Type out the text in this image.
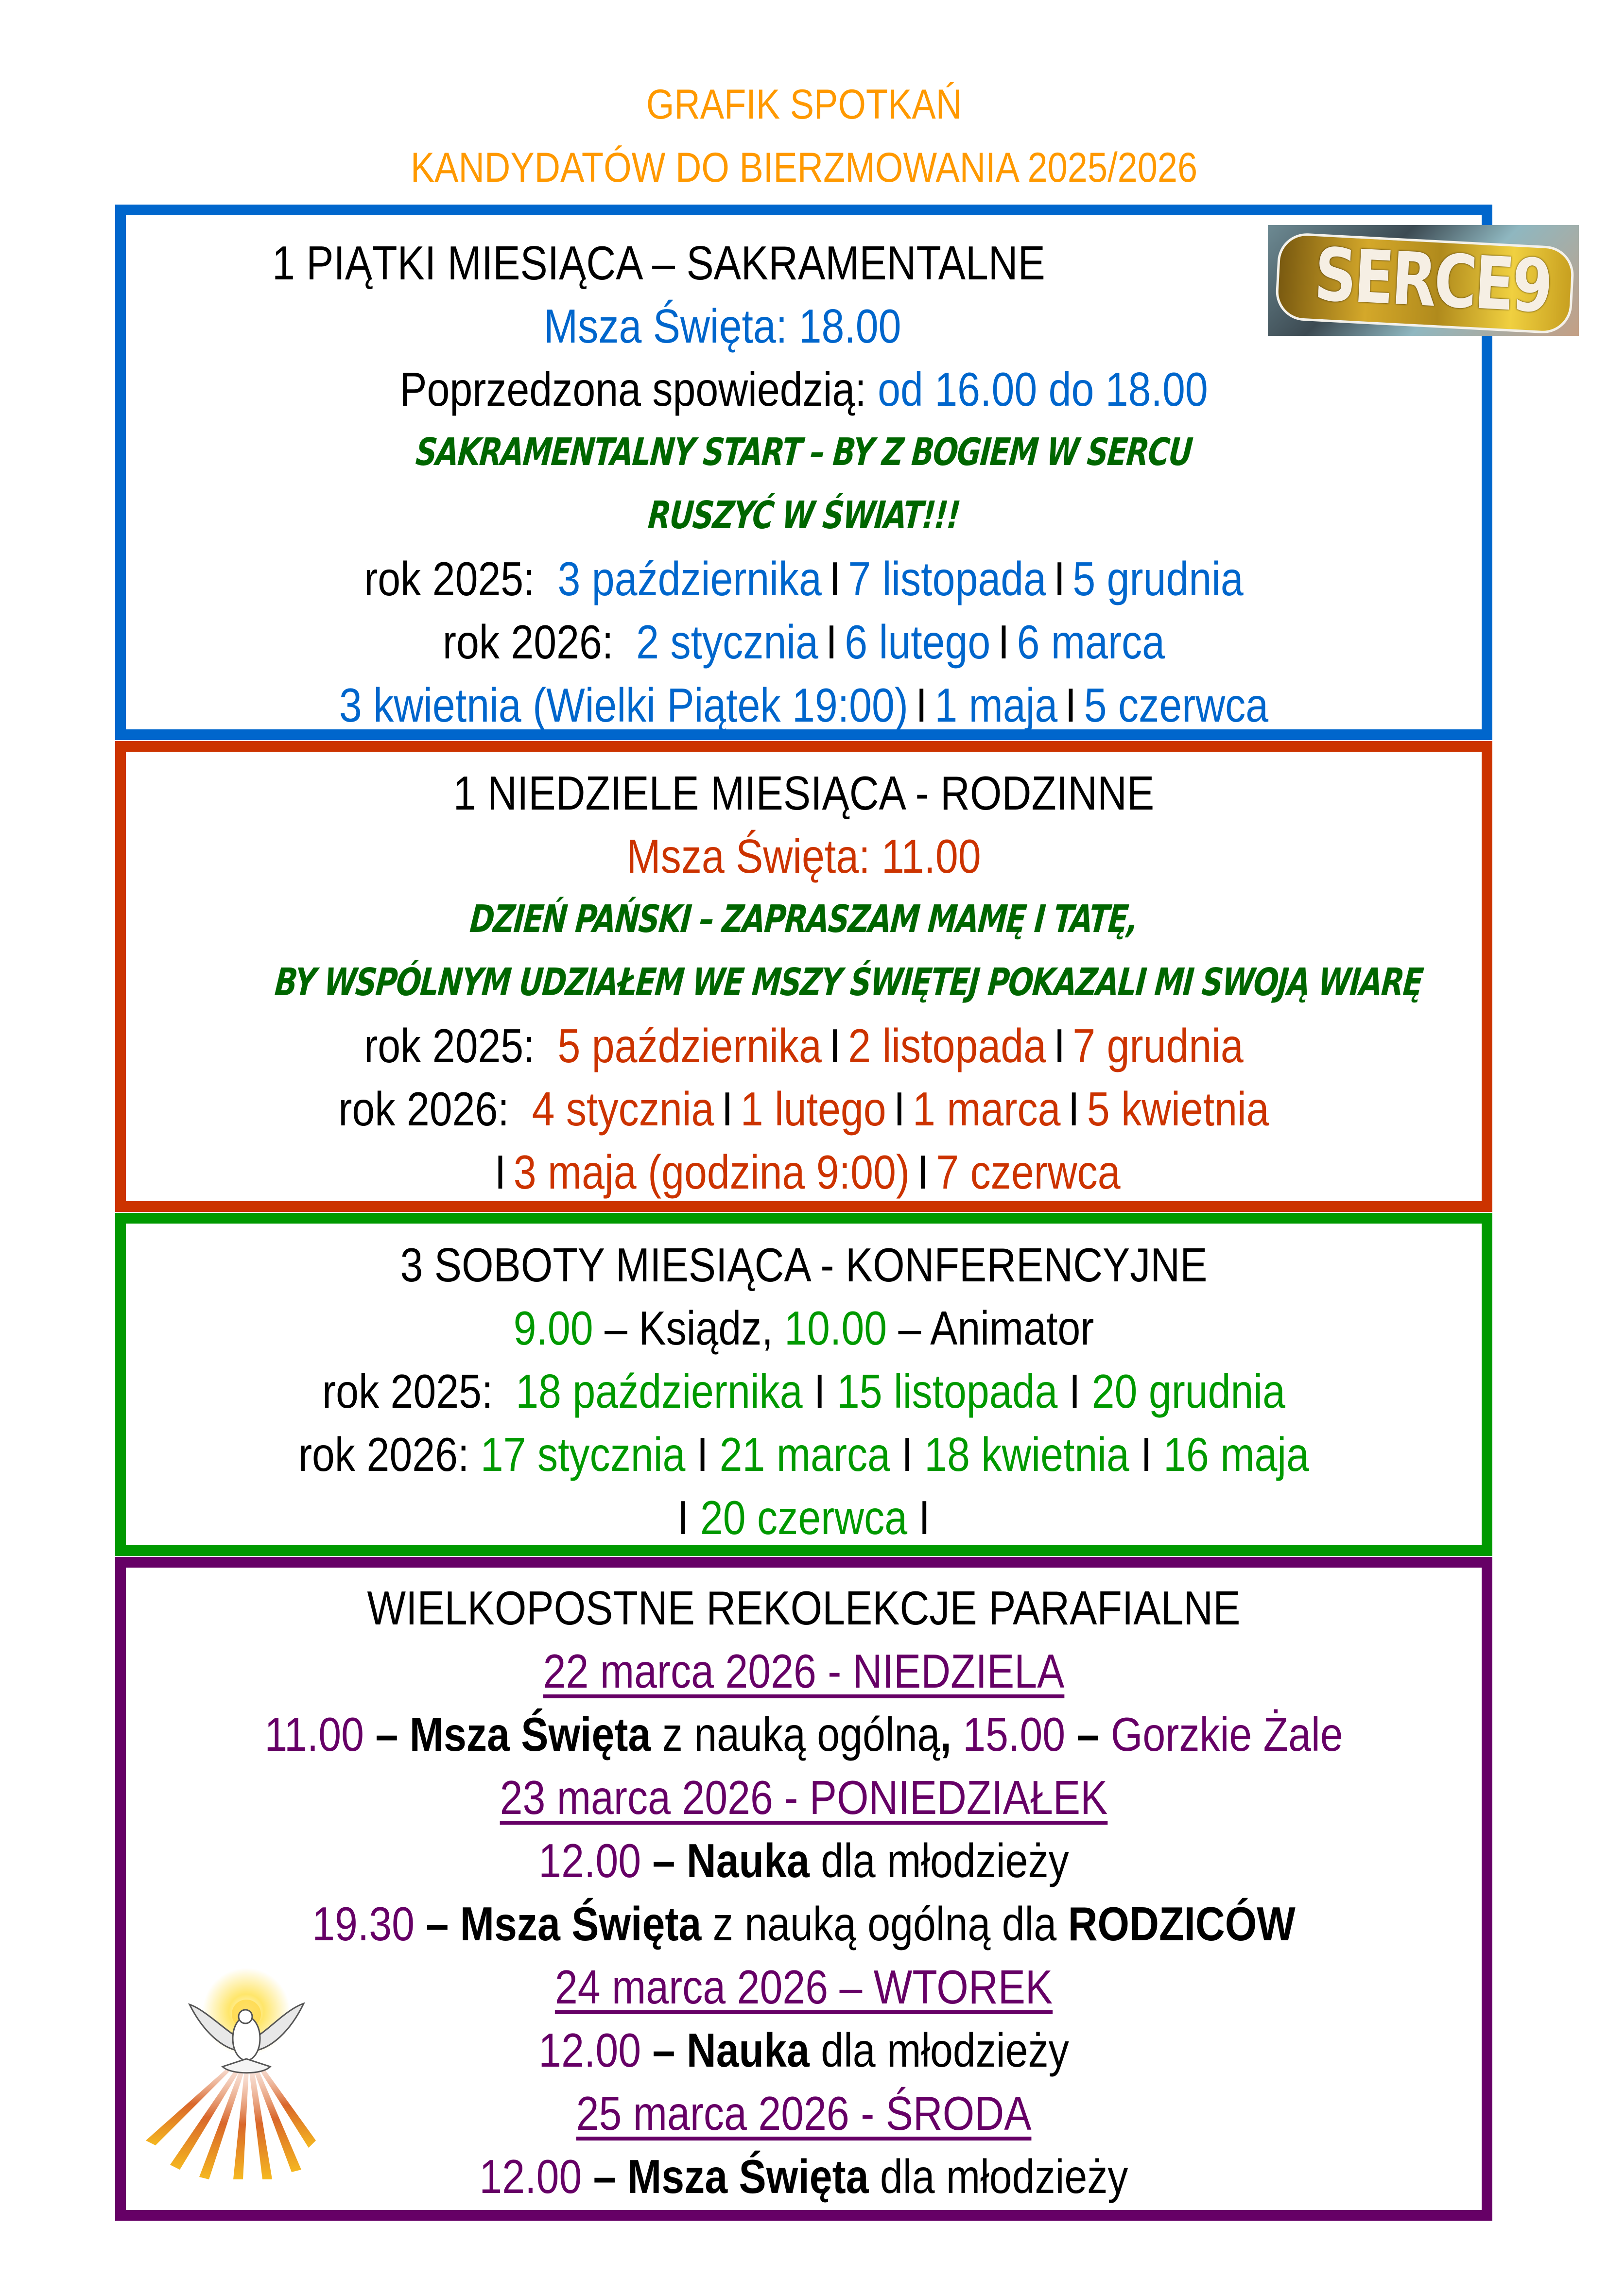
GRAFIK SPOTKAŃ
KANDYDATÓW DO BIERZMOWANIA 2025/2026
SERCE9
1 PIĄTKI MIESIĄCA – SAKRAMENTALNE
Msza Święta: 18.00
Poprzedzona spowiedzią: od 16.00 do 18.00
SAKRAMENTALNY START – BY Z BOGIEM W SERCU
RUSZYĆ W ŚWIAT!!!
rok 2025: 3 października I 7 listopada I 5 grudnia
rok 2026: 2 stycznia I 6 lutego I 6 marca
3 kwietnia (Wielki Piątek 19:00) I 1 maja I 5 czerwca
1 NIEDZIELE MIESIĄCA - RODZINNE
Msza Święta: 11.00
DZIEŃ PAŃSKI – ZAPRASZAM MAMĘ I TATĘ,
BY WSPÓLNYM UDZIAŁEM WE MSZY ŚWIĘTEJ POKAZALI MI SWOJĄ WIARĘ
rok 2025: 5 października I 2 listopada I 7 grudnia
rok 2026: 4 stycznia I 1 lutego I 1 marca I 5 kwietnia
I 3 maja (godzina 9:00) I 7 czerwca
3 SOBOTY MIESIĄCA - KONFERENCYJNE
9.00 – Ksiądz, 10.00 – Animator
rok 2025: 18 października I 15 listopada I 20 grudnia
rok 2026: 17 stycznia I 21 marca I 18 kwietnia I 16 maja
I 20 czerwca I
WIELKOPOSTNE REKOLEKCJE PARAFIALNE
22 marca 2026 - NIEDZIELA
11.00 – Msza Święta z nauką ogólną, 15.00 – Gorzkie Żale
23 marca 2026 - PONIEDZIAŁEK
12.00 – Nauka dla młodzieży
19.30 – Msza Święta z nauką ogólną dla RODZICÓW
24 marca 2026 – WTOREK
12.00 – Nauka dla młodzieży
25 marca 2026 - ŚRODA
12.00 – Msza Święta dla młodzieży
